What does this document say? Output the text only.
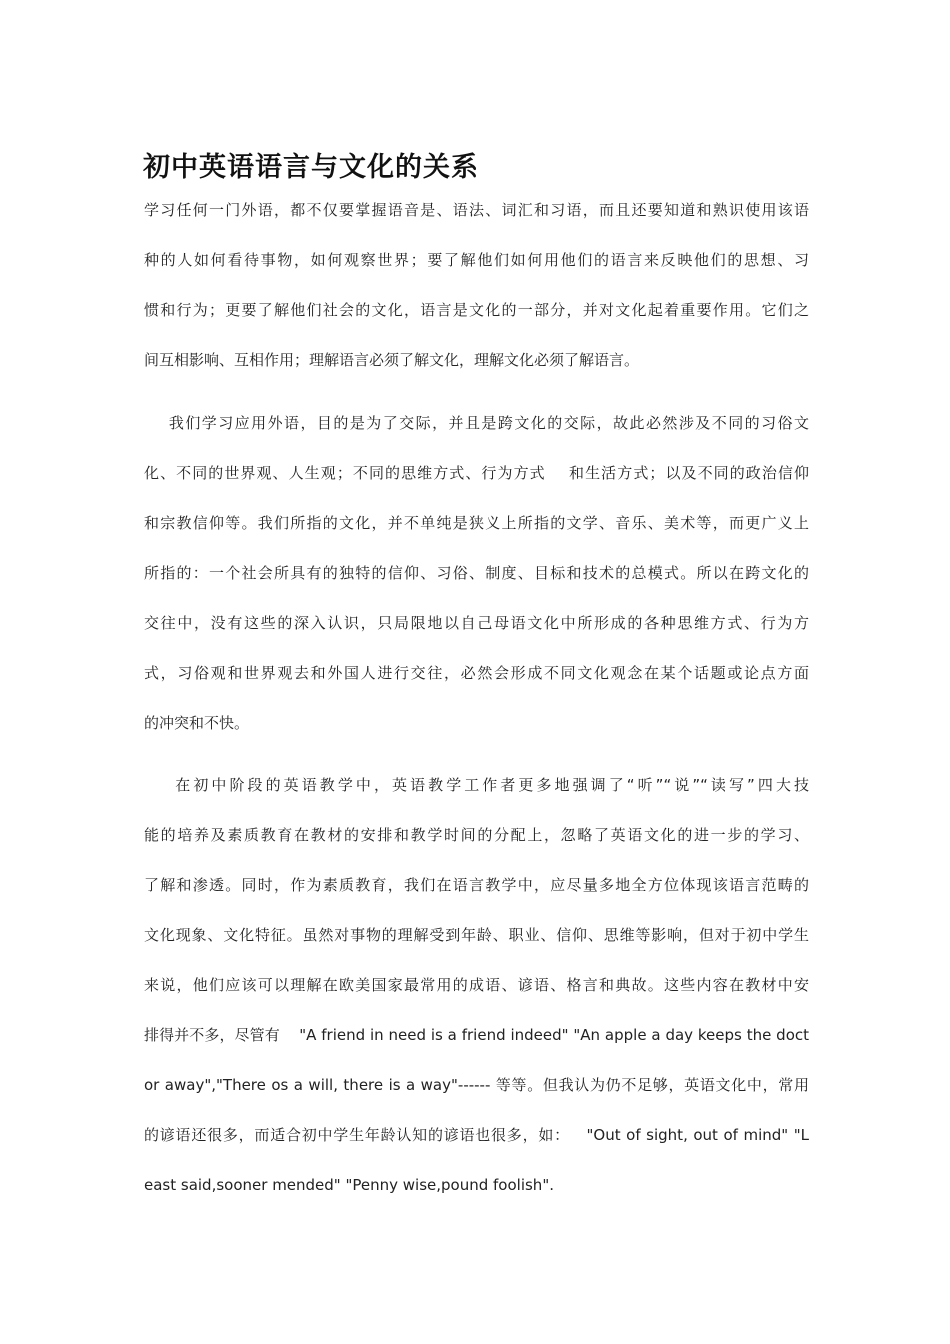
初中英语语言与文化的关系
学习任何一门外语，都不仅要掌握语音是、语法、词汇和习语，而且还要知道和熟识使用该语
种的人如何看待事物，如何观察世界；要了解他们如何用他们的语言来反映他们的思想、习
惯和行为；更要了解他们社会的文化，语言是文化的一部分，并对文化起着重要作用。它们之
间互相影响、互相作用；理解语言必须了解文化，理解文化必须了解语言。
我们学习应用外语，目的是为了交际，并且是跨文化的交际，故此必然涉及不同的习俗文
化、不同的世界观、人生观；不同的思维方式、行为方式    和生活方式；以及不同的政治信仰
和宗教信仰等。我们所指的文化，并不单纯是狭义上所指的文学、音乐、美术等，而更广义上
所指的：一个社会所具有的独特的信仰、习俗、制度、目标和技术的总模式。所以在跨文化的
交往中，没有这些的深入认识，只局限地以自己母语文化中所形成的各种思维方式、行为方
式，习俗观和世界观去和外国人进行交往，必然会形成不同文化观念在某个话题或论点方面
的冲突和不快。
在初中阶段的英语教学中，英语教学工作者更多地强调了“听”“说”“读写”四大技
能的培养及素质教育在教材的安排和教学时间的分配上，忽略了英语文化的进一步的学习、
了解和渗透。同时，作为素质教育，我们在语言教学中，应尽量多地全方位体现该语言范畴的
文化现象、文化特征。虽然对事物的理解受到年龄、职业、信仰、思维等影响，但对于初中学生
来说，他们应该可以理解在欧美国家最常用的成语、谚语、格言和典故。这些内容在教材中安
排得并不多，尽管有    "A friend in need is a friend indeed" "An apple a day keeps the doct
or away","There os a will, there is a way"------ 等等。但我认为仍不足够，英语文化中，常用
的谚语还很多，而适合初中学生年龄认知的谚语也很多，如：   "Out of sight, out of mind" "L
east said,sooner mended" "Penny wise,pound foolish".
